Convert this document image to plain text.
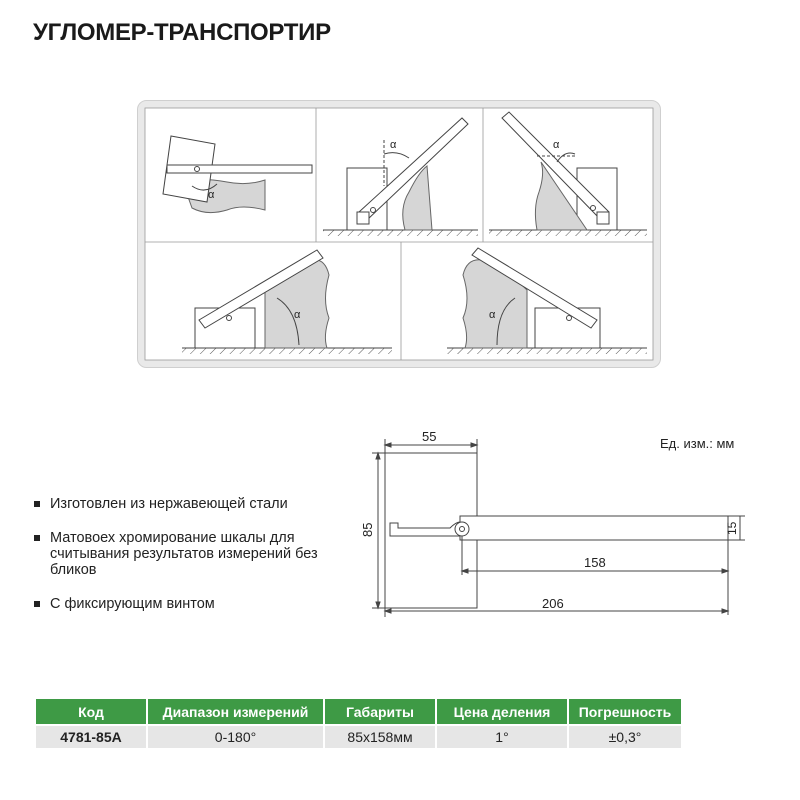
УГЛОМЕР-ТРАНСПОРТИР
α
α	α
α	α
55
85	15
158
206
Ед. изм.: мм
Изготовлен из нержавеющей стали
Матовоех хромирование шкалы для считывания результатов измерений без бликов
С фиксирующим винтом
Код	Диапазон измерений	Габариты	Цена деления	Погрешность
4781-85A	0-180°	85х158мм	1°	±0,3°
